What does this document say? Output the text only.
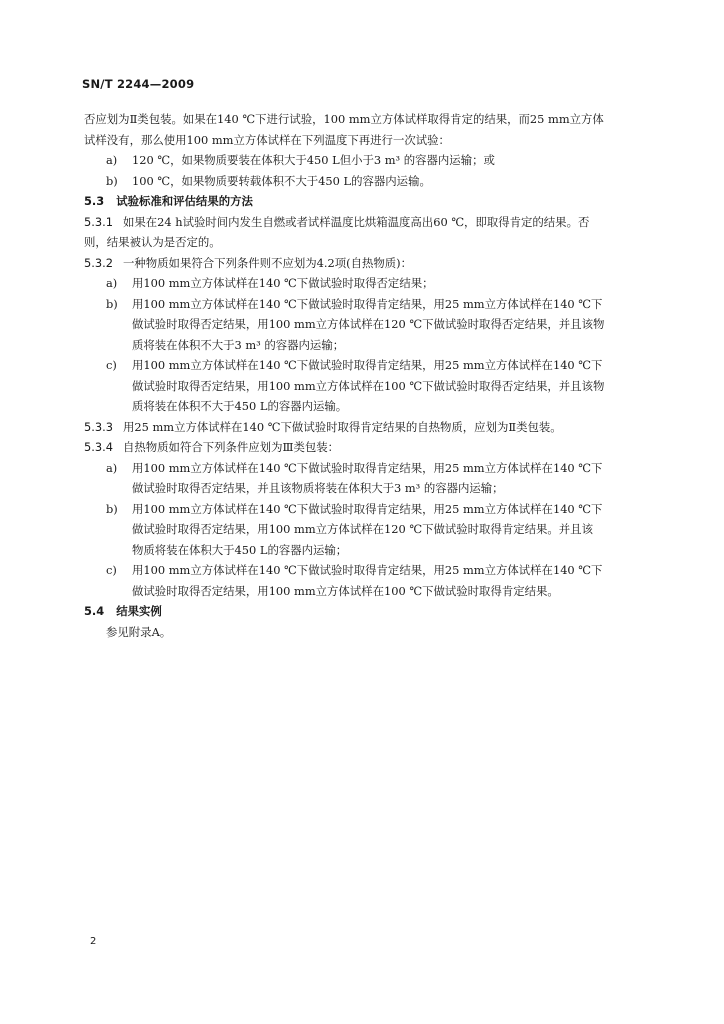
SN/T 2244—2009
否应划为Ⅱ类包装。如果在140 ℃下进行试验，100 mm立方体试样取得肯定的结果，而25 mm立方体
试样没有，那么使用100 mm立方体试样在下列温度下再进行一次试验：
a) 120 ℃，如果物质要装在体积大于450 L但小于3 m³ 的容器内运输；或
b) 100 ℃，如果物质要转载体积不大于450 L的容器内运输。
5.3 试验标准和评估结果的方法
5.3.1 如果在24 h试验时间内发生自燃或者试样温度比烘箱温度高出60 ℃，即取得肯定的结果。否
则，结果被认为是否定的。
5.3.2 一种物质如果符合下列条件则不应划为4.2项(自热物质)：
a) 用100 mm立方体试样在140 ℃下做试验时取得否定结果；
b) 用100 mm立方体试样在140 ℃下做试验时取得肯定结果，用25 mm立方体试样在140 ℃下
做试验时取得否定结果，用100 mm立方体试样在120 ℃下做试验时取得否定结果，并且该物
质将装在体积不大于3 m³ 的容器内运输；
c) 用100 mm立方体试样在140 ℃下做试验时取得肯定结果，用25 mm立方体试样在140 ℃下
做试验时取得否定结果，用100 mm立方体试样在100 ℃下做试验时取得否定结果，并且该物
质将装在体积不大于450 L的容器内运输。
5.3.3 用25 mm立方体试样在140 ℃下做试验时取得肯定结果的自热物质，应划为Ⅱ类包装。
5.3.4 自热物质如符合下列条件应划为Ⅲ类包装：
a) 用100 mm立方体试样在140 ℃下做试验时取得肯定结果，用25 mm立方体试样在140 ℃下
做试验时取得否定结果，并且该物质将装在体积大于3 m³ 的容器内运输；
b) 用100 mm立方体试样在140 ℃下做试验时取得肯定结果，用25 mm立方体试样在140 ℃下
做试验时取得否定结果，用100 mm立方体试样在120 ℃下做试验时取得肯定结果。并且该
物质将装在体积大于450 L的容器内运输；
c) 用100 mm立方体试样在140 ℃下做试验时取得肯定结果，用25 mm立方体试样在140 ℃下
做试验时取得否定结果，用100 mm立方体试样在100 ℃下做试验时取得肯定结果。
5.4 结果实例
参见附录A。
2
